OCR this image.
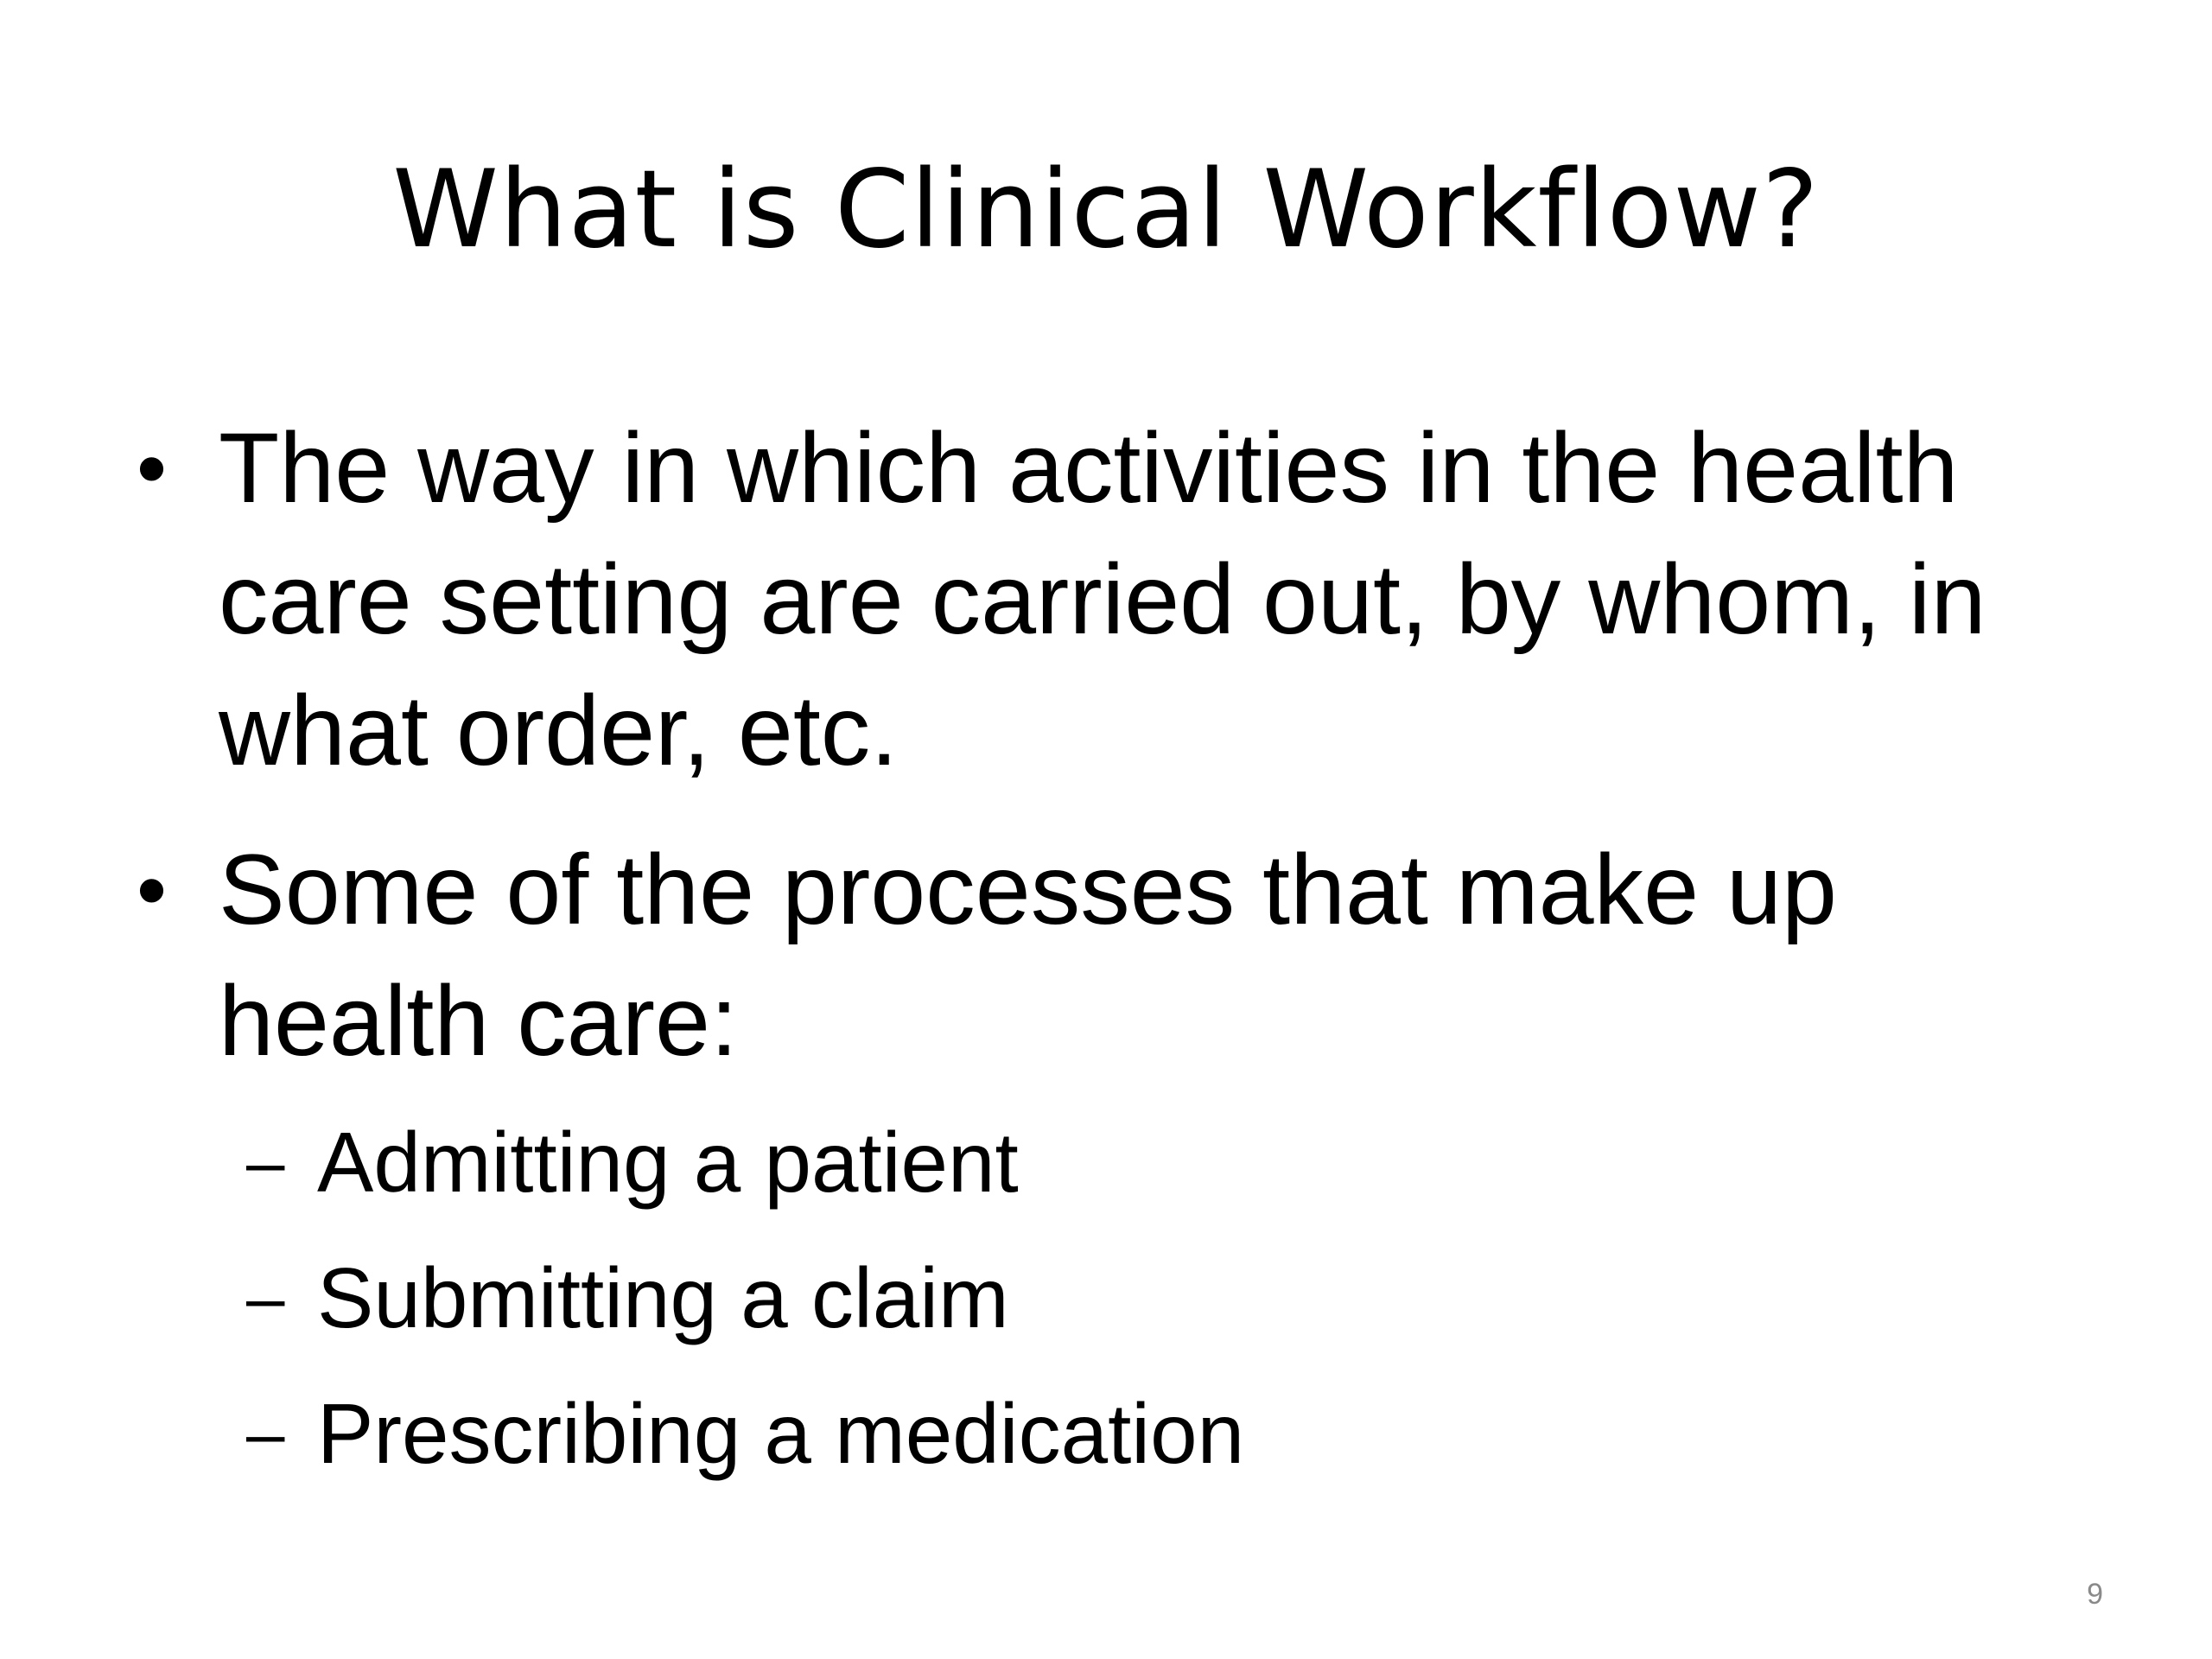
What is Clinical Workflow?
• The way in which activities in the health care setting are carried out, by whom, in what order, etc.
• Some of the processes that make up health care:
– Admitting a patient
– Submitting a claim
– Prescribing a medication
9
